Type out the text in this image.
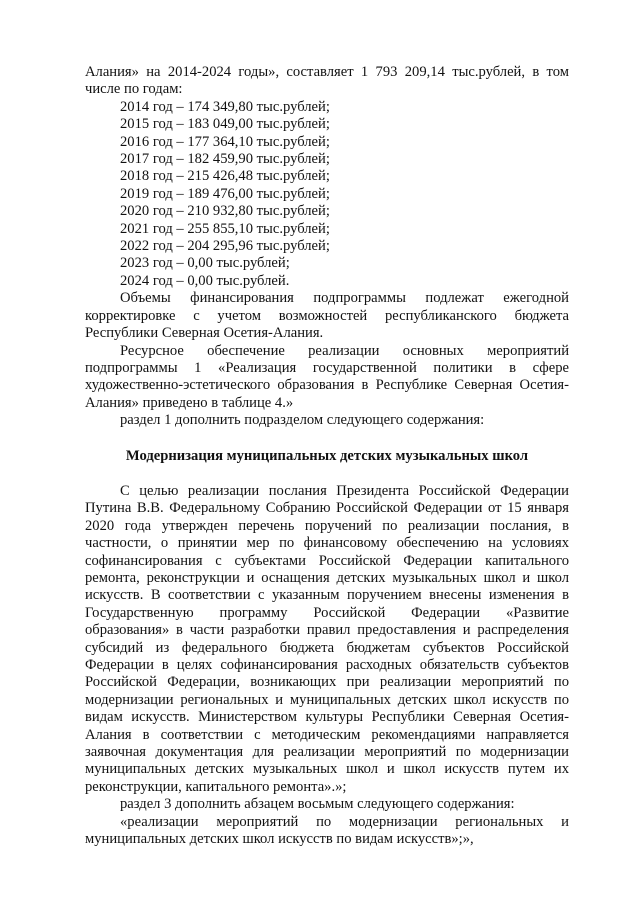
Алания» на 2014-2024 годы», составляет 1 793 209,14 тыс.рублей, в том

числе по годам:

2014 год – 174 349,80 тыс.рублей;

2015 год – 183 049,00 тыс.рублей;

2016 год – 177 364,10 тыс.рублей;

2017 год – 182 459,90 тыс.рублей;

2018 год – 215 426,48 тыс.рублей;

2019 год – 189 476,00 тыс.рублей;

2020 год – 210 932,80 тыс.рублей;

2021 год – 255 855,10 тыс.рублей;

2022 год – 204 295,96 тыс.рублей;

2023 год – 0,00 тыс.рублей;

2024 год – 0,00 тыс.рублей.

Объемы финансирования подпрограммы подлежат ежегодной

корректировке с учетом возможностей республиканского бюджета

Республики Северная Осетия-Алания.

Ресурсное обеспечение реализации основных мероприятий

подпрограммы 1 «Реализация государственной политики в сфере

художественно-эстетического образования в Республике Северная Осетия-

Алания» приведено в таблице 4.»

раздел 1 дополнить подразделом следующего содержания:

Модернизация муниципальных детских музыкальных школ

С целью реализации послания Президента Российской Федерации

Путина В.В. Федеральному Собранию Российской Федерации от 15 января

2020 года утвержден перечень поручений по реализации послания, в

частности, о принятии мер по финансовому обеспечению на условиях

софинансирования с субъектами Российской Федерации капитального

ремонта, реконструкции и оснащения детских музыкальных школ и школ

искусств. В соответствии с указанным поручением внесены изменения в

Государственную программу Российской Федерации «Развитие

образования» в части разработки правил предоставления и распределения

субсидий из федерального бюджета бюджетам субъектов Российской

Федерации в целях софинансирования расходных обязательств субъектов

Российской Федерации, возникающих при реализации мероприятий по

модернизации региональных и муниципальных детских школ искусств по

видам искусств. Министерством культуры Республики Северная Осетия-

Алания в соответствии с методическим рекомендациями направляется

заявочная документация для реализации мероприятий по модернизации

муниципальных детских музыкальных школ и школ искусств путем их

реконструкции, капитального ремонта».»;

раздел 3 дополнить абзацем восьмым следующего содержания:

«реализации мероприятий по модернизации региональных и

муниципальных детских школ искусств по видам искусств»;»,
